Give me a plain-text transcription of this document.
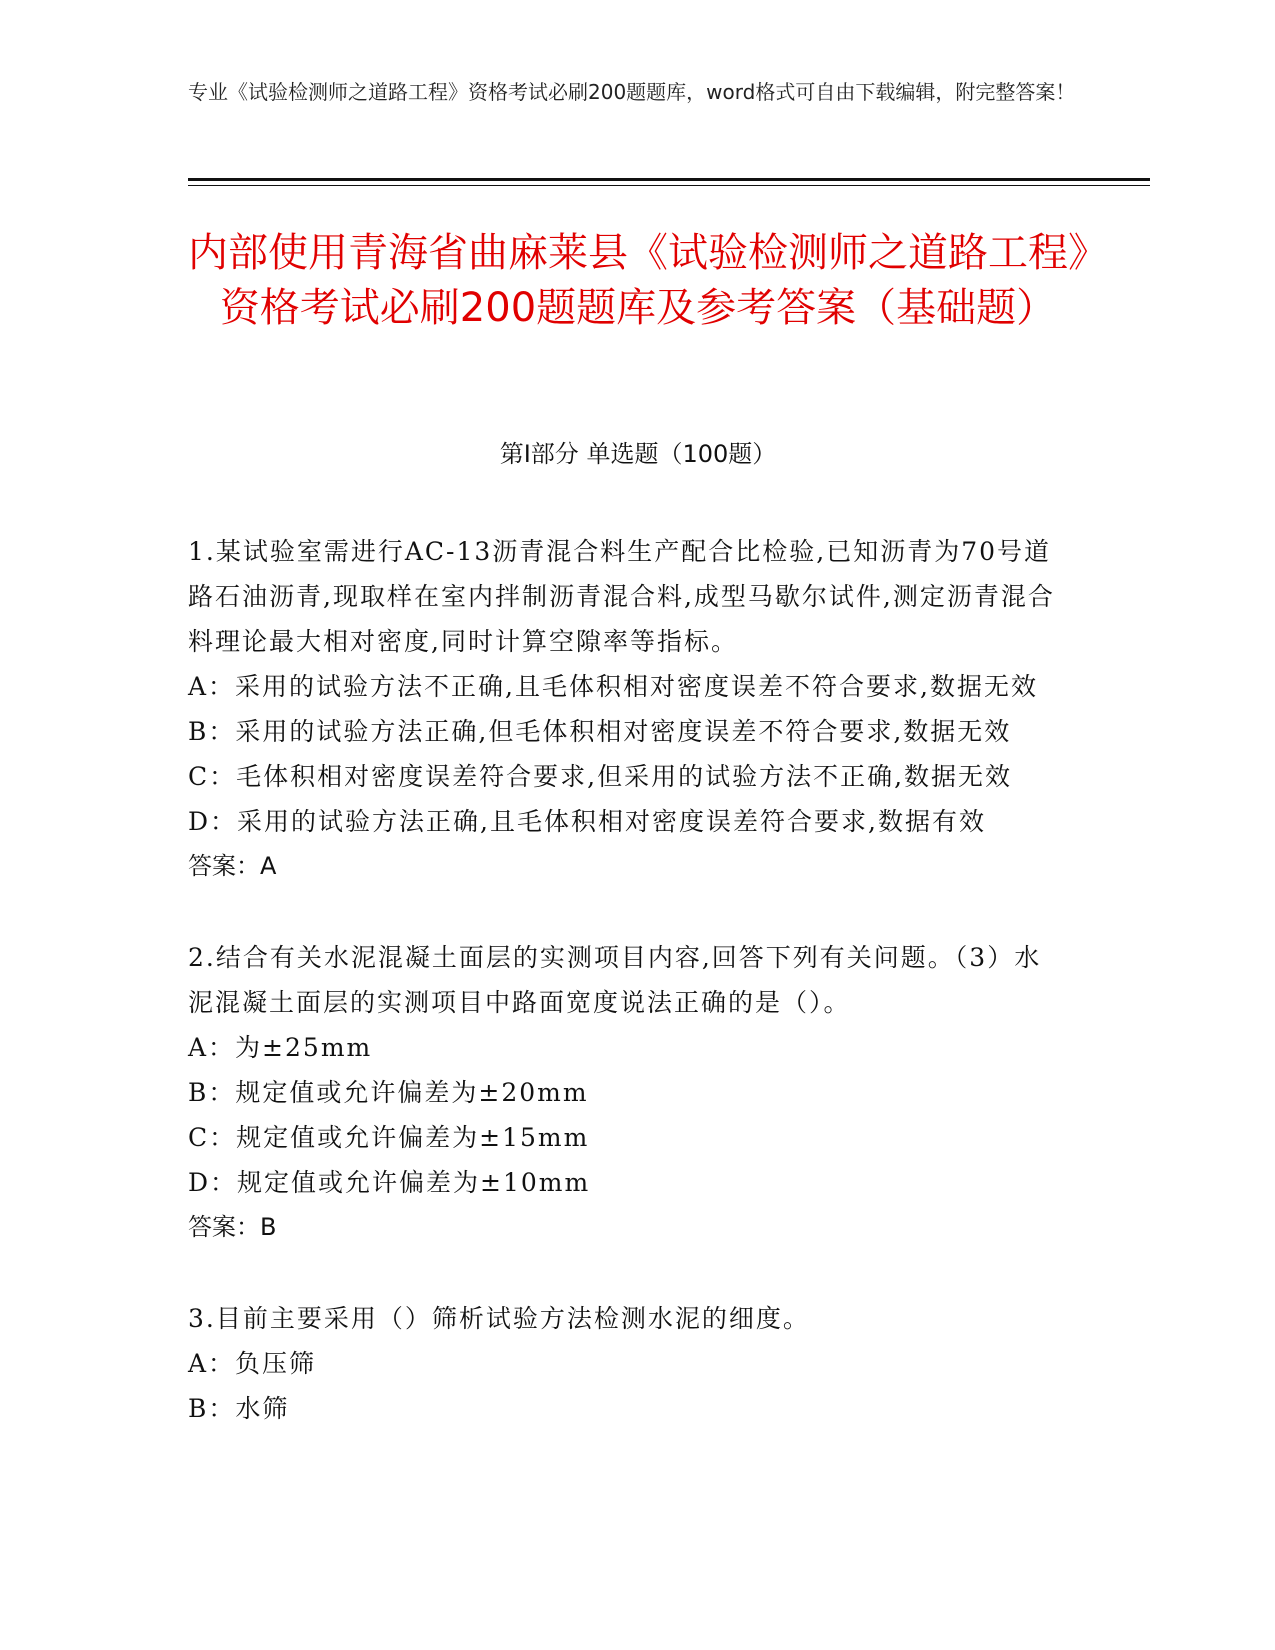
专业《试验检测师之道路工程》资格考试必刷200题题库，word格式可自由下载编辑，附完整答案！
内部使用青海省曲麻莱县《试验检测师之道路工程》资格考试必刷200题题库及参考答案（基础题）
第I部分 单选题（100题）

1.某试验室需进行AC-13沥青混合料生产配合比检验,已知沥青为70号道路石油沥青,现取样在室内拌制沥青混合料,成型马歇尔试件,测定沥青混合料理论最大相对密度,同时计算空隙率等指标。

A：采用的试验方法不正确,且毛体积相对密度误差不符合要求,数据无效

B：采用的试验方法正确,但毛体积相对密度误差不符合要求,数据无效

C：毛体积相对密度误差符合要求,但采用的试验方法不正确,数据无效

D：采用的试验方法正确,且毛体积相对密度误差符合要求,数据有效

答案：A

2.结合有关水泥混凝土面层的实测项目内容,回答下列有关问题。（3）水泥混凝土面层的实测项目中路面宽度说法正确的是（）。

A：为±25mm

B：规定值或允许偏差为±20mm

C：规定值或允许偏差为±15mm

D：规定值或允许偏差为±10mm

答案：B

3.目前主要采用（）筛析试验方法检测水泥的细度。

A：负压筛

B：水筛
